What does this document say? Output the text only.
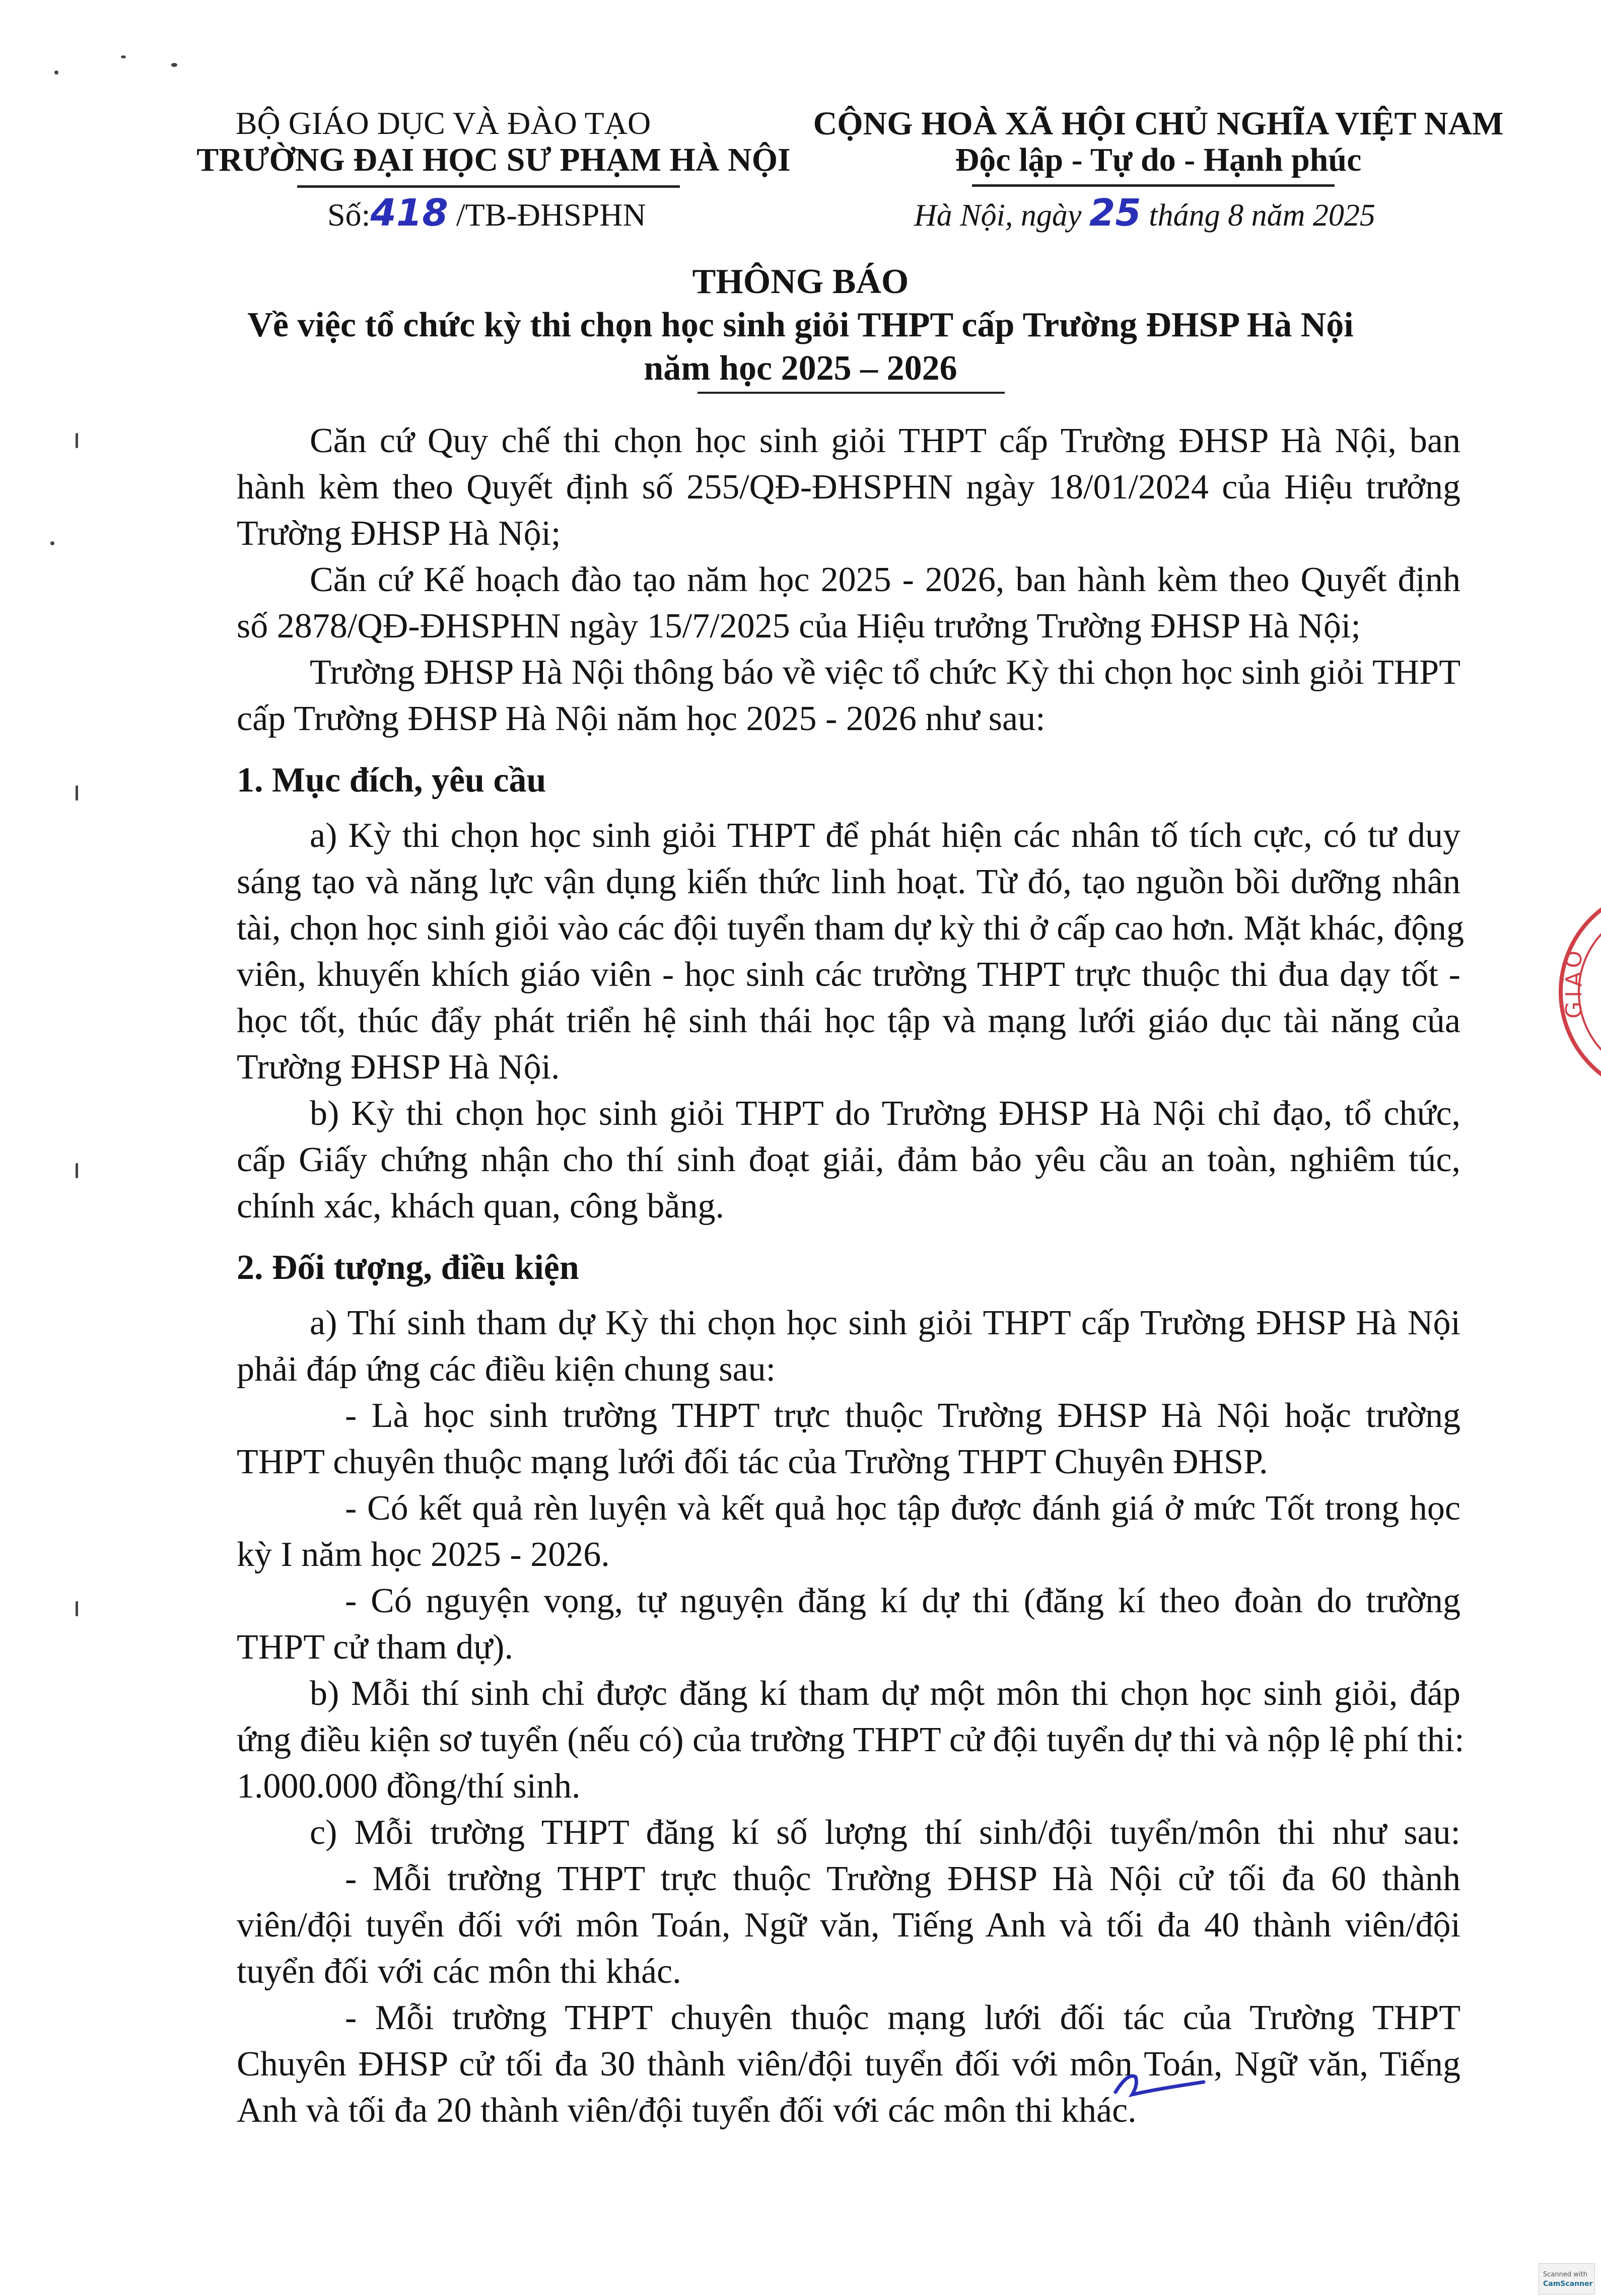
BỘ GIÁO DỤC VÀ ĐÀO TẠO
TRƯỜNG ĐẠI HỌC SƯ PHẠM HÀ NỘI
Số:418 /TB-ĐHSPHN
CỘNG HOÀ XÃ HỘI CHỦ NGHĨA VIỆT NAM
Độc lập - Tự do - Hạnh phúc
Hà Nội, ngày 25 tháng 8 năm 2025
THÔNG BÁO
Về việc tổ chức kỳ thi chọn học sinh giỏi THPT cấp Trường ĐHSP Hà Nội
năm học 2025 – 2026
Căn cứ Quy chế thi chọn học sinh giỏi THPT cấp Trường ĐHSP Hà Nội, ban
hành kèm theo Quyết định số 255/QĐ-ĐHSPHN ngày 18/01/2024 của Hiệu trưởng
Trường ĐHSP Hà Nội;
Căn cứ Kế hoạch đào tạo năm học 2025 - 2026, ban hành kèm theo Quyết định
số 2878/QĐ-ĐHSPHN ngày 15/7/2025 của Hiệu trưởng Trường ĐHSP Hà Nội;
Trường ĐHSP Hà Nội thông báo về việc tổ chức Kỳ thi chọn học sinh giỏi THPT
cấp Trường ĐHSP Hà Nội năm học 2025 - 2026 như sau:
1. Mục đích, yêu cầu
a) Kỳ thi chọn học sinh giỏi THPT để phát hiện các nhân tố tích cực, có tư duy
sáng tạo và năng lực vận dụng kiến thức linh hoạt. Từ đó, tạo nguồn bồi dưỡng nhân
tài, chọn học sinh giỏi vào các đội tuyển tham dự kỳ thi ở cấp cao hơn. Mặt khác, động
viên, khuyến khích giáo viên - học sinh các trường THPT trực thuộc thi đua dạy tốt -
học tốt, thúc đẩy phát triển hệ sinh thái học tập và mạng lưới giáo dục tài năng của
Trường ĐHSP Hà Nội.
b) Kỳ thi chọn học sinh giỏi THPT do Trường ĐHSP Hà Nội chỉ đạo, tổ chức,
cấp Giấy chứng nhận cho thí sinh đoạt giải, đảm bảo yêu cầu an toàn, nghiêm túc,
chính xác, khách quan, công bằng.
2. Đối tượng, điều kiện
a) Thí sinh tham dự Kỳ thi chọn học sinh giỏi THPT cấp Trường ĐHSP Hà Nội
phải đáp ứng các điều kiện chung sau:
- Là học sinh trường THPT trực thuộc Trường ĐHSP Hà Nội hoặc trường
THPT chuyên thuộc mạng lưới đối tác của Trường THPT Chuyên ĐHSP.
- Có kết quả rèn luyện và kết quả học tập được đánh giá ở mức Tốt trong học
kỳ I năm học 2025 - 2026.
- Có nguyện vọng, tự nguyện đăng kí dự thi (đăng kí theo đoàn do trường
THPT cử tham dự).
b) Mỗi thí sinh chỉ được đăng kí tham dự một môn thi chọn học sinh giỏi, đáp
ứng điều kiện sơ tuyển (nếu có) của trường THPT cử đội tuyển dự thi và nộp lệ phí thi:
1.000.000 đồng/thí sinh.
c) Mỗi trường THPT đăng kí số lượng thí sinh/đội tuyển/môn thi như sau:
- Mỗi trường THPT trực thuộc Trường ĐHSP Hà Nội cử tối đa 60 thành
viên/đội tuyển đối với môn Toán, Ngữ văn, Tiếng Anh và tối đa 40 thành viên/đội
tuyển đối với các môn thi khác.
- Mỗi trường THPT chuyên thuộc mạng lưới đối tác của Trường THPT
Chuyên ĐHSP cử tối đa 30 thành viên/đội tuyển đối với môn Toán, Ngữ văn, Tiếng
Anh và tối đa 20 thành viên/đội tuyển đối với các môn thi khác.
GIÁO
Scanned with
CamScanner
